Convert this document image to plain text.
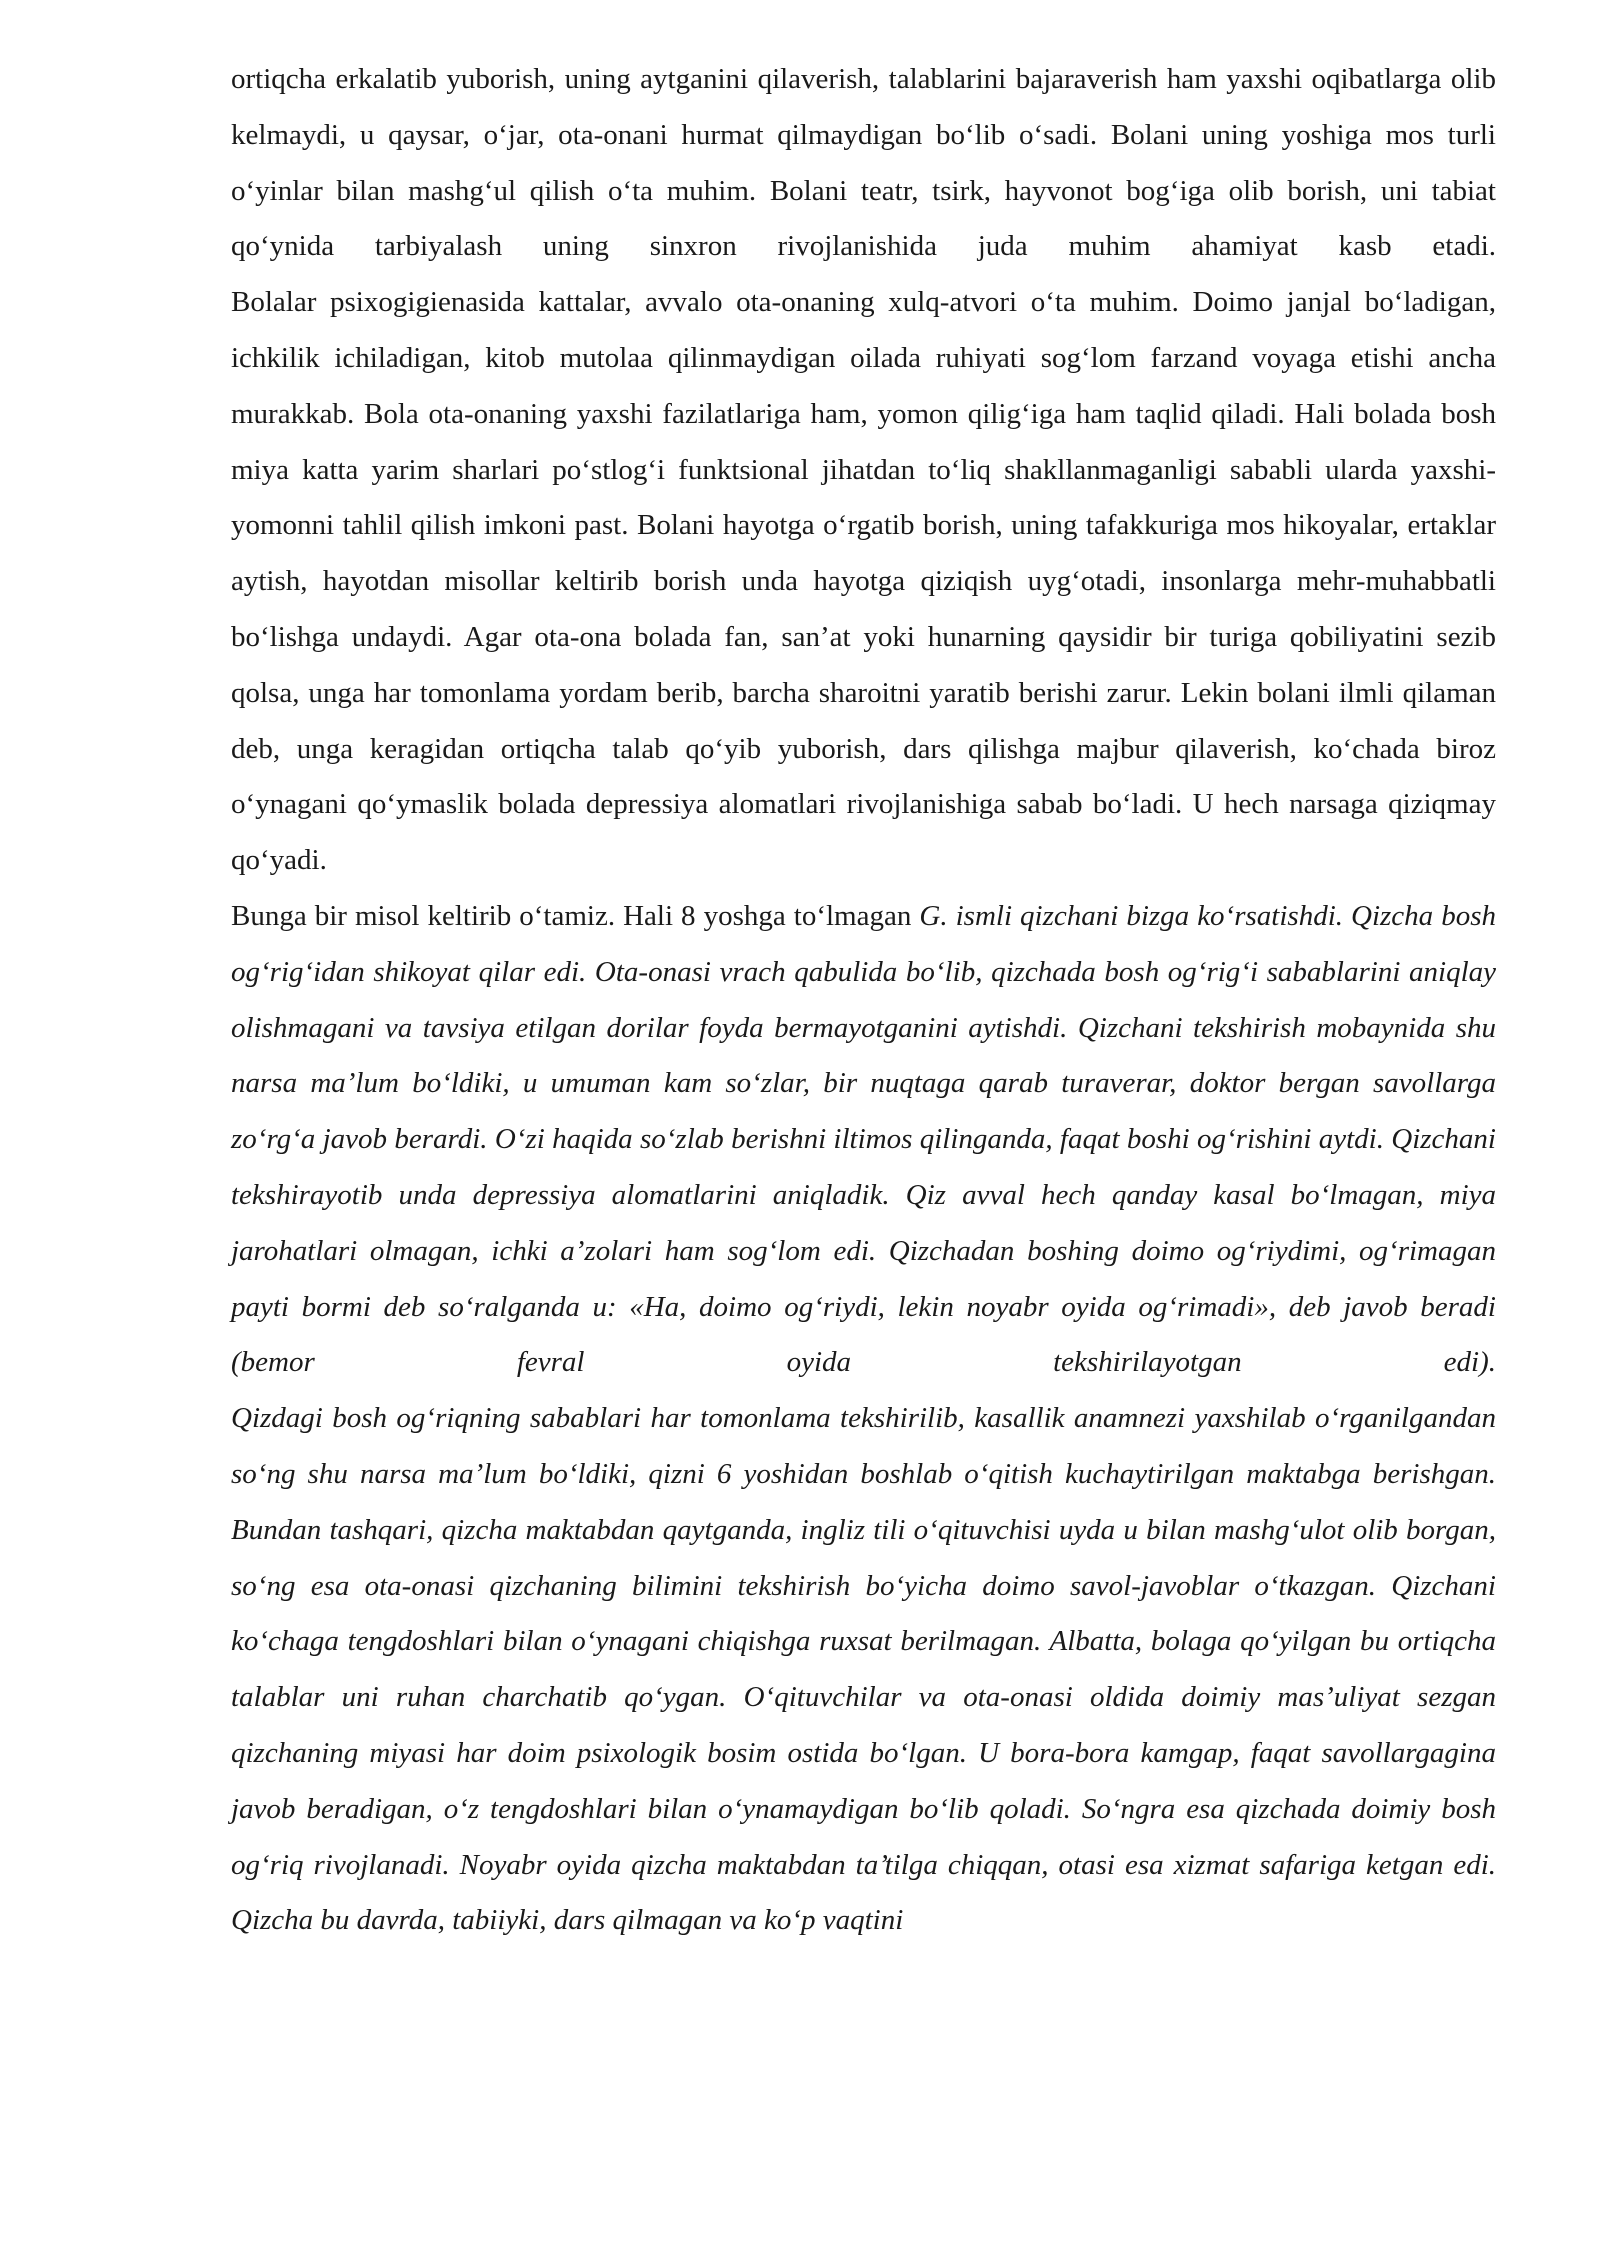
ortiqcha erkalatib yuborish, uning aytganini qilaverish, talablarini bajaraverish ham yaxshi oqibatlarga olib kelmaydi, u qaysar, o‘jar, ota-onani hurmat qilmaydigan bo‘lib o‘sadi. Bolani uning yoshiga mos turli o‘yinlar bilan mashg‘ul qilish o‘ta muhim. Bolani teatr, tsirk, hayvonot bog‘iga olib borish, uni tabiat qo‘ynida tarbiyalash uning sinxron rivojlanishida juda muhim ahamiyat kasb etadi.

Bolalar psixogigienasida kattalar, avvalo ota-onaning xulq-atvori o‘ta muhim. Doimo janjal bo‘ladigan, ichkilik ichiladigan, kitob mutolaa qilinmaydigan oilada ruhiyati sog‘lom farzand voyaga etishi ancha murakkab. Bola ota-onaning yaxshi fazilatlariga ham, yomon qilig‘iga ham taqlid qiladi. Hali bolada bosh miya katta yarim sharlari po‘stlog‘i funktsional jihatdan to‘liq shakllanmaganligi sababli ularda yaxshi-yomonni tahlil qilish imkoni past. Bolani hayotga o‘rgatib borish, uning tafakkuriga mos hikoyalar, ertaklar aytish, hayotdan misollar keltirib borish unda hayotga qiziqish uyg‘otadi, insonlarga mehr-muhabbatli bo‘lishga undaydi. Agar ota-ona bolada fan, san’at yoki hunarning qaysidir bir turiga qobiliyatini sezib qolsa, unga har tomonlama yordam berib, barcha sharoitni yaratib berishi zarur. Lekin bolani ilmli qilaman deb, unga keragidan ortiqcha talab qo‘yib yuborish, dars qilishga majbur qilaverish, ko‘chada biroz o‘ynagani qo‘ymaslik bolada depressiya alomatlari rivojlanishiga sabab bo‘ladi. U hech narsaga qiziqmay qo‘yadi.

Bunga bir misol keltirib o‘tamiz. Hali 8 yoshga to‘lmagan G. ismli qizchani bizga ko‘rsatishdi. Qizcha bosh og‘rig‘idan shikoyat qilar edi. Ota-onasi vrach qabulida bo‘lib, qizchada bosh og‘rig‘i sabablarini aniqlay olishmagani va tavsiya etilgan dorilar foyda bermayotganini aytishdi. Qizchani tekshirish mobaynida shu narsa ma’lum bo‘ldiki, u umuman kam so‘zlar, bir nuqtaga qarab turaverar, doktor bergan savollarga zo‘rg‘a javob berardi. O‘zi haqida so‘zlab berishni iltimos qilinganda, faqat boshi og‘rishini aytdi. Qizchani tekshirayotib unda depressiya alomatlarini aniqladik. Qiz avval hech qanday kasal bo‘lmagan, miya jarohatlari olmagan, ichki a’zolari ham sog‘lom edi. Qizchadan boshing doimo og‘riydimi, og‘rimagan payti bormi deb so‘ralganda u: «Ha, doimo og‘riydi, lekin noyabr oyida og‘rimadi», deb javob beradi (bemor fevral oyida tekshirilayotgan edi).

Qizdagi bosh og‘riqning sabablari har tomonlama tekshirilib, kasallik anamnezi yaxshilab o‘rganilgandan so‘ng shu narsa ma’lum bo‘ldiki, qizni 6 yoshidan boshlab o‘qitish kuchaytirilgan maktabga berishgan. Bundan tashqari, qizcha maktabdan qaytganda, ingliz tili o‘qituvchisi uyda u bilan mashg‘ulot olib borgan, so‘ng esa ota-onasi qizchaning bilimini tekshirish bo‘yicha doimo savol-javoblar o‘tkazgan. Qizchani ko‘chaga tengdoshlari bilan o‘ynagani chiqishga ruxsat berilmagan. Albatta, bolaga qo‘yilgan bu ortiqcha talablar uni ruhan charchatib qo‘ygan. O‘qituvchilar va ota-onasi oldida doimiy mas’uliyat sezgan qizchaning miyasi har doim psixologik bosim ostida bo‘lgan. U bora-bora kamgap, faqat savollargagina javob beradigan, o‘z tengdoshlari bilan o‘ynamaydigan bo‘lib qoladi. So‘ngra esa qizchada doimiy bosh og‘riq rivojlanadi. Noyabr oyida qizcha maktabdan ta’tilga chiqqan, otasi esa xizmat safariga ketgan edi. Qizcha bu davrda, tabiiyki, dars qilmagan va ko‘p vaqtini
